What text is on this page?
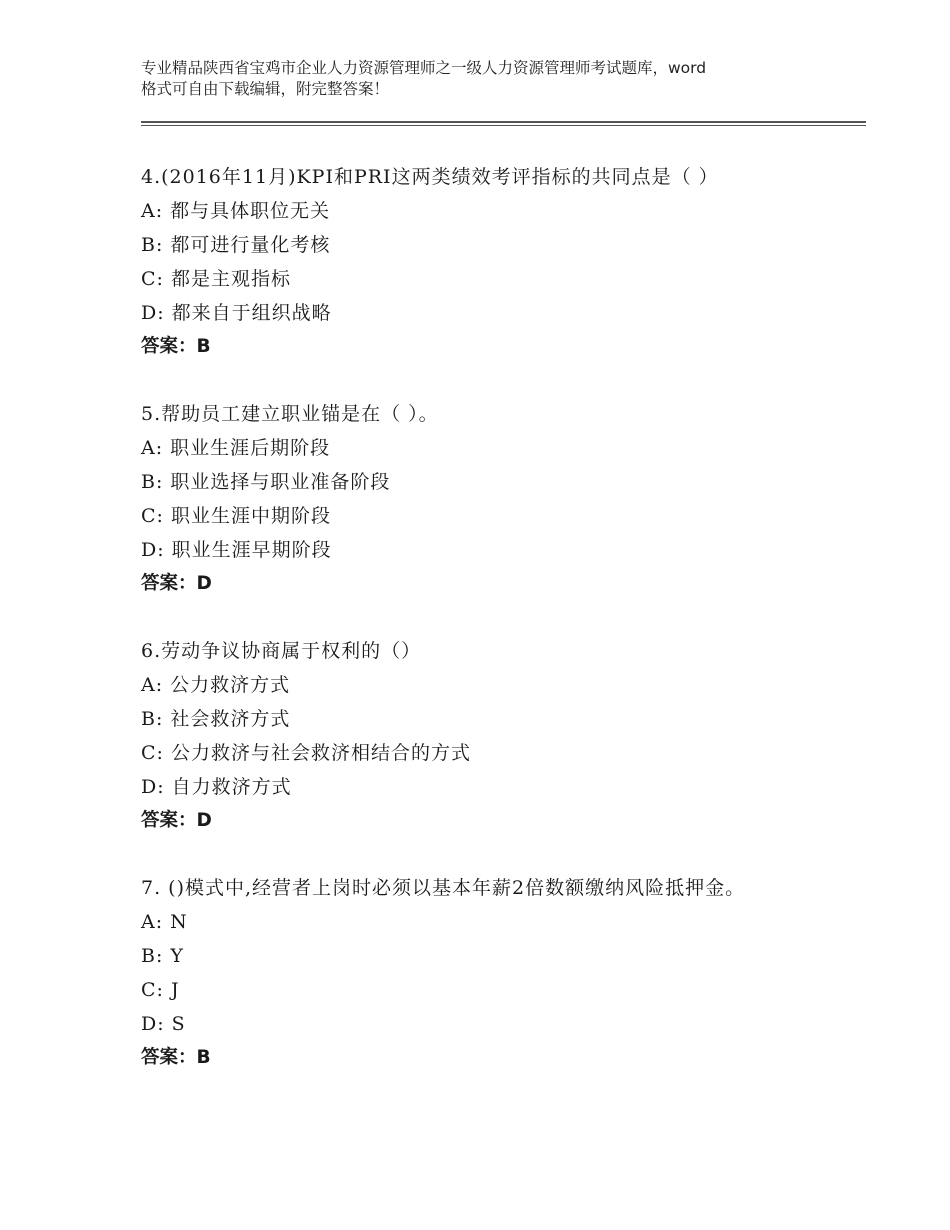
专业精品陕西省宝鸡市企业人力资源管理师之一级人力资源管理师考试题库，word
格式可自由下载编辑，附完整答案！
4.(2016年11月)KPI和PRI这两类绩效考评指标的共同点是（ ）
A: 都与具体职位无关
B: 都可进行量化考核
C: 都是主观指标
D: 都来自于组织战略
答案：B
5.帮助员工建立职业锚是在（ ）。
A: 职业生涯后期阶段
B: 职业选择与职业准备阶段
C: 职业生涯中期阶段
D: 职业生涯早期阶段
答案：D
6.劳动争议协商属于权利的（）
A: 公力救济方式
B: 社会救济方式
C: 公力救济与社会救济相结合的方式
D: 自力救济方式
答案：D
7. ()模式中,经营者上岗时必须以基本年薪2倍数额缴纳风险抵押金。
A: N
B: Y
C: J
D: S
答案：B
